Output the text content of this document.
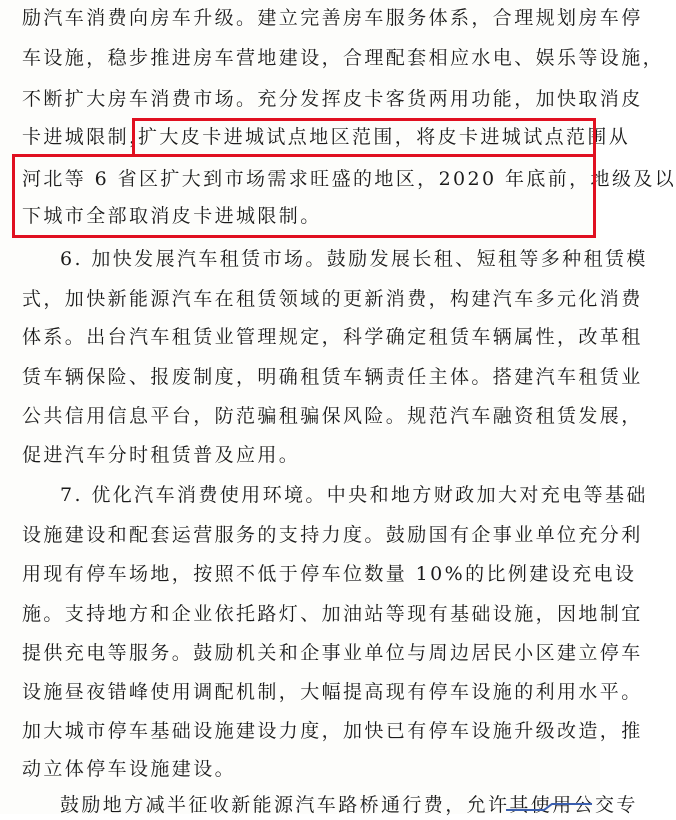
励汽车消费向房车升级。建立完善房车服务体系，合理规划房车停
车设施，稳步推进房车营地建设，合理配套相应水电、娱乐等设施，
不断扩大房车消费市场。充分发挥皮卡客货两用功能，加快取消皮
卡进城限制，
扩大皮卡进城试点地区范围，将皮卡进城试点范围从
河北等 6 省区扩大到市场需求旺盛的地区，2020 年底前，地级及以
下城市全部取消皮卡进城限制。
6. 加快发展汽车租赁市场。鼓励发展长租、短租等多种租赁模
式，加快新能源汽车在租赁领域的更新消费，构建汽车多元化消费
体系。出台汽车租赁业管理规定，科学确定租赁车辆属性，改革租
赁车辆保险、报废制度，明确租赁车辆责任主体。搭建汽车租赁业
公共信用信息平台，防范骗租骗保风险。规范汽车融资租赁发展，
促进汽车分时租赁普及应用。
7. 优化汽车消费使用环境。中央和地方财政加大对充电等基础
设施建设和配套运营服务的支持力度。鼓励国有企事业单位充分利
用现有停车场地，按照不低于停车位数量 10%的比例建设充电设
施。支持地方和企业依托路灯、加油站等现有基础设施，因地制宜
提供充电等服务。鼓励机关和企事业单位与周边居民小区建立停车
设施昼夜错峰使用调配机制，大幅提高现有停车设施的利用水平。
加大城市停车基础设施建设力度，加快已有停车设施升级改造，推
动立体停车设施建设。
鼓励地方减半征收新能源汽车路桥通行费，允许其使用公交专
